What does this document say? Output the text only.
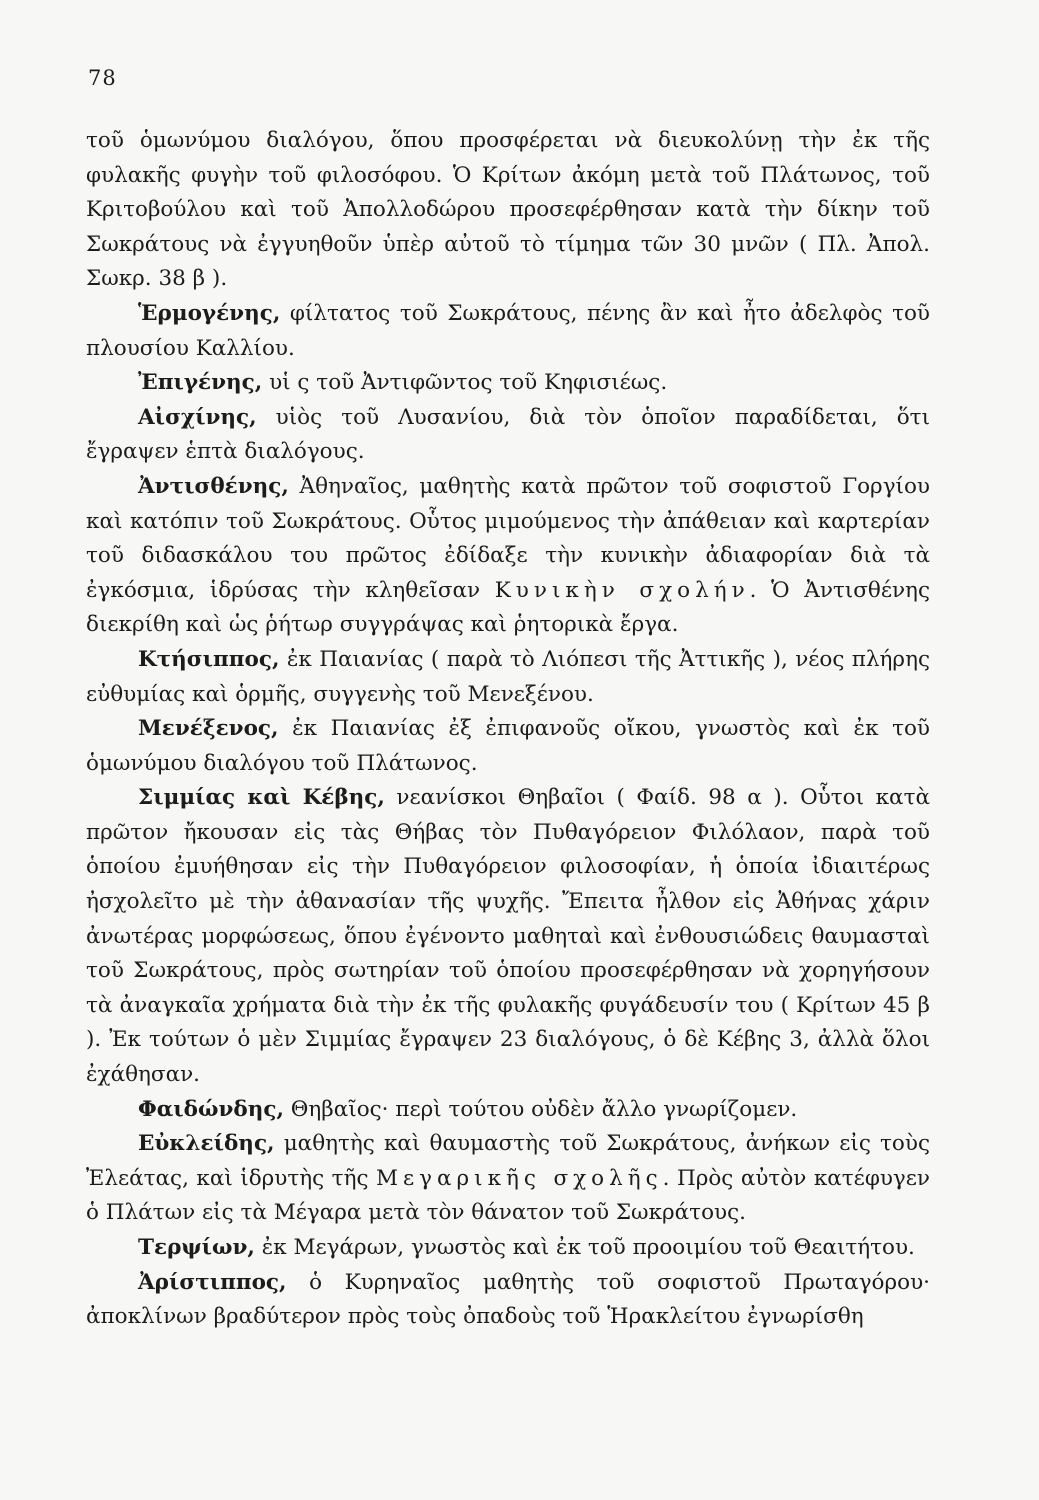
78

τοῦ ὁμωνύμου διαλόγου, ὅπου προσφέρεται νὰ διευκολύνῃ τὴν ἐκ τῆς φυλακῆς φυγὴν τοῦ φιλοσόφου. Ὁ Κρίτων ἀκόμη μετὰ τοῦ Πλάτωνος, τοῦ Κριτοβούλου καὶ τοῦ Ἀπολλοδώρου προσεφέρθησαν κατὰ τὴν δίκην τοῦ Σωκράτους νὰ ἐγγυηθοῦν ὑπὲρ αὐτοῦ τὸ τίμημα τῶν 30 μνῶν ( Πλ. Ἀπολ. Σωκρ. 38 β ).

Ἑρμογένης, φίλτατος τοῦ Σωκράτους, πένης ἂν καὶ ἦτο ἀδελφὸς τοῦ πλουσίου Καλλίου.

Ἐπιγένης, υἱ ς τοῦ Ἀντιφῶντος τοῦ Κηφισιέως.

Αἰσχίνης, υἱὸς τοῦ Λυσανίου, διὰ τὸν ὁποῖον παραδίδεται, ὅτι ἔγραψεν ἑπτὰ διαλόγους.

Ἀντισθένης, Ἀθηναῖος, μαθητὴς κατὰ πρῶτον τοῦ σοφιστοῦ Γοργίου καὶ κατόπιν τοῦ Σωκράτους. Οὗτος μιμούμενος τὴν ἀπάθειαν καὶ καρτερίαν τοῦ διδασκάλου του πρῶτος ἐδίδαξε τὴν κυνικὴν ἀδιαφορίαν διὰ τὰ ἐγκόσμια, ἱδρύσας τὴν κληθεῖσαν Κυνικὴν σχολήν. Ὁ Ἀντισθένης διεκρίθη καὶ ὡς ῥήτωρ συγγράψας καὶ ῥητορικὰ ἔργα.

Κτήσιππος, ἐκ Παιανίας ( παρὰ τὸ Λιόπεσι τῆς Ἀττικῆς ), νέος πλήρης εὐθυμίας καὶ ὁρμῆς, συγγενὴς τοῦ Μενεξένου.

Μενέξενος, ἐκ Παιανίας ἐξ ἐπιφανοῦς οἴκου, γνωστὸς καὶ ἐκ τοῦ ὁμωνύμου διαλόγου τοῦ Πλάτωνος.

Σιμμίας καὶ Κέβης, νεανίσκοι Θηβαῖοι ( Φαίδ. 98 α ). Οὗτοι κατὰ πρῶτον ἤκουσαν εἰς τὰς Θήβας τὸν Πυθαγόρειον Φιλόλαον, παρὰ τοῦ ὁποίου ἐμυήθησαν εἰς τὴν Πυθαγόρειον φιλοσοφίαν, ἡ ὁποία ἰδιαιτέρως ἠσχολεῖτο μὲ τὴν ἀθανασίαν τῆς ψυχῆς. Ἔπειτα ἦλθον εἰς Ἀθήνας χάριν ἀνωτέρας μορφώσεως, ὅπου ἐγένοντο μαθηταὶ καὶ ἐνθουσιώδεις θαυμασταὶ τοῦ Σωκράτους, πρὸς σωτηρίαν τοῦ ὁποίου προσεφέρθησαν νὰ χορηγήσουν τὰ ἀναγκαῖα χρήματα διὰ τὴν ἐκ τῆς φυλακῆς φυγάδευσίν του ( Κρίτων 45 β ). Ἐκ τούτων ὁ μὲν Σιμμίας ἔγραψεν 23 διαλόγους, ὁ δὲ Κέβης 3, ἀλλὰ ὅλοι ἐχάθησαν.

Φαιδώνδης, Θηβαῖος· περὶ τούτου οὐδὲν ἄλλο γνωρίζομεν.

Εὐκλείδης, μαθητὴς καὶ θαυμαστὴς τοῦ Σωκράτους, ἀνήκων εἰς τοὺς Ἐλεάτας, καὶ ἱδρυτὴς τῆς Μεγαρικῆς σχολῆς. Πρὸς αὐτὸν κατέφυγεν ὁ Πλάτων εἰς τὰ Μέγαρα μετὰ τὸν θάνατον τοῦ Σωκράτους.

Τερψίων, ἐκ Μεγάρων, γνωστὸς καὶ ἐκ τοῦ προοιμίου τοῦ Θεαιτήτου.

Ἀρίστιππος, ὁ Κυρηναῖος μαθητὴς τοῦ σοφιστοῦ Πρωταγόρου· ἀποκλίνων βραδύτερον πρὸς τοὺς ὀπαδοὺς τοῦ Ἡρακλείτου ἐγνωρίσθη
